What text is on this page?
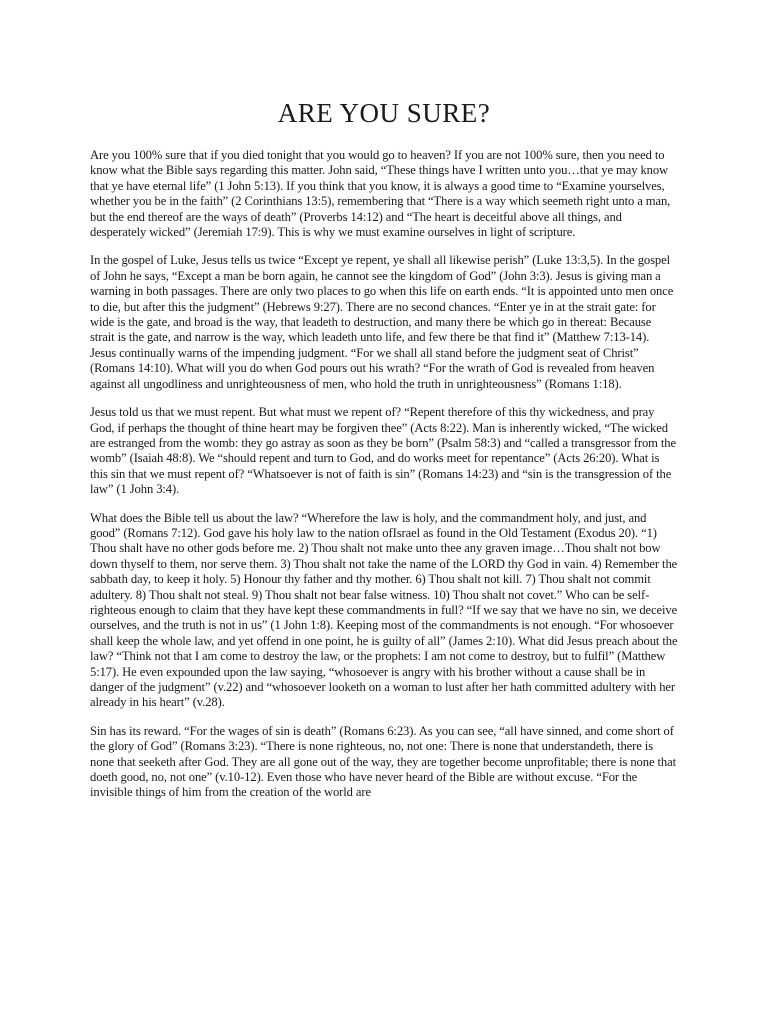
ARE YOU SURE?

Are you 100% sure that if you died tonight that you would go to heaven? If you are not 100% sure, then you need to know what the Bible says regarding this matter. John said, “These things have I written unto you…that ye may know that ye have eternal life” (1 John 5:13). If you think that you know, it is always a good time to “Examine yourselves, whether you be in the faith” (2 Corinthians 13:5), remembering that “There is a way which seemeth right unto a man, but the end thereof are the ways of death” (Proverbs 14:12) and “The heart is deceitful above all things, and desperately wicked” (Jeremiah 17:9). This is why we must examine ourselves in light of scripture.

In the gospel of Luke, Jesus tells us twice “Except ye repent, ye shall all likewise perish” (Luke 13:3,5). In the gospel of John he says, “Except a man be born again, he cannot see the kingdom of God” (John 3:3). Jesus is giving man a warning in both passages. There are only two places to go when this life on earth ends. “It is appointed unto men once to die, but after this the judgment” (Hebrews 9:27). There are no second chances. “Enter ye in at the strait gate: for wide is the gate, and broad is the way, that leadeth to destruction, and many there be which go in thereat: Because strait is the gate, and narrow is the way, which leadeth unto life, and few there be that find it” (Matthew 7:13-14). Jesus continually warns of the impending judgment. “For we shall all stand before the judgment seat of Christ” (Romans 14:10). What will you do when God pours out his wrath? “For the wrath of God is revealed from heaven against all ungodliness and unrighteousness of men, who hold the truth in unrighteousness” (Romans 1:18).

Jesus told us that we must repent. But what must we repent of? “Repent therefore of this thy wickedness, and pray God, if perhaps the thought of thine heart may be forgiven thee” (Acts 8:22). Man is inherently wicked, “The wicked are estranged from the womb: they go astray as soon as they be born” (Psalm 58:3) and “called a transgressor from the womb” (Isaiah 48:8). We “should repent and turn to God, and do works meet for repentance” (Acts 26:20). What is this sin that we must repent of? “Whatsoever is not of faith is sin” (Romans 14:23) and “sin is the transgression of the law” (1 John 3:4).

What does the Bible tell us about the law? “Wherefore the law is holy, and the commandment holy, and just, and good” (Romans 7:12). God gave his holy law to the nation ofIsrael as found in the Old Testament (Exodus 20). “1) Thou shalt have no other gods before me. 2) Thou shalt not make unto thee any graven image…Thou shalt not bow down thyself to them, nor serve them. 3) Thou shalt not take the name of the LORD thy God in vain. 4) Remember the sabbath day, to keep it holy. 5) Honour thy father and thy mother. 6) Thou shalt not kill. 7) Thou shalt not commit adultery. 8) Thou shalt not steal. 9) Thou shalt not bear false witness. 10) Thou shalt not covet.” Who can be self-righteous enough to claim that they have kept these commandments in full? “If we say that we have no sin, we deceive ourselves, and the truth is not in us” (1 John 1:8). Keeping most of the commandments is not enough. “For whosoever shall keep the whole law, and yet offend in one point, he is guilty of all” (James 2:10). What did Jesus preach about the law? “Think not that I am come to destroy the law, or the prophets: I am not come to destroy, but to fulfil” (Matthew 5:17). He even expounded upon the law saying, “whosoever is angry with his brother without a cause shall be in danger of the judgment” (v.22) and “whosoever looketh on a woman to lust after her hath committed adultery with her already in his heart” (v.28).

Sin has its reward. “For the wages of sin is death” (Romans 6:23). As you can see, “all have sinned, and come short of the glory of God” (Romans 3:23). “There is none righteous, no, not one: There is none that understandeth, there is none that seeketh after God. They are all gone out of the way, they are together become unprofitable; there is none that doeth good, no, not one” (v.10-12). Even those who have never heard of the Bible are without excuse. “For the invisible things of him from the creation of the world are
